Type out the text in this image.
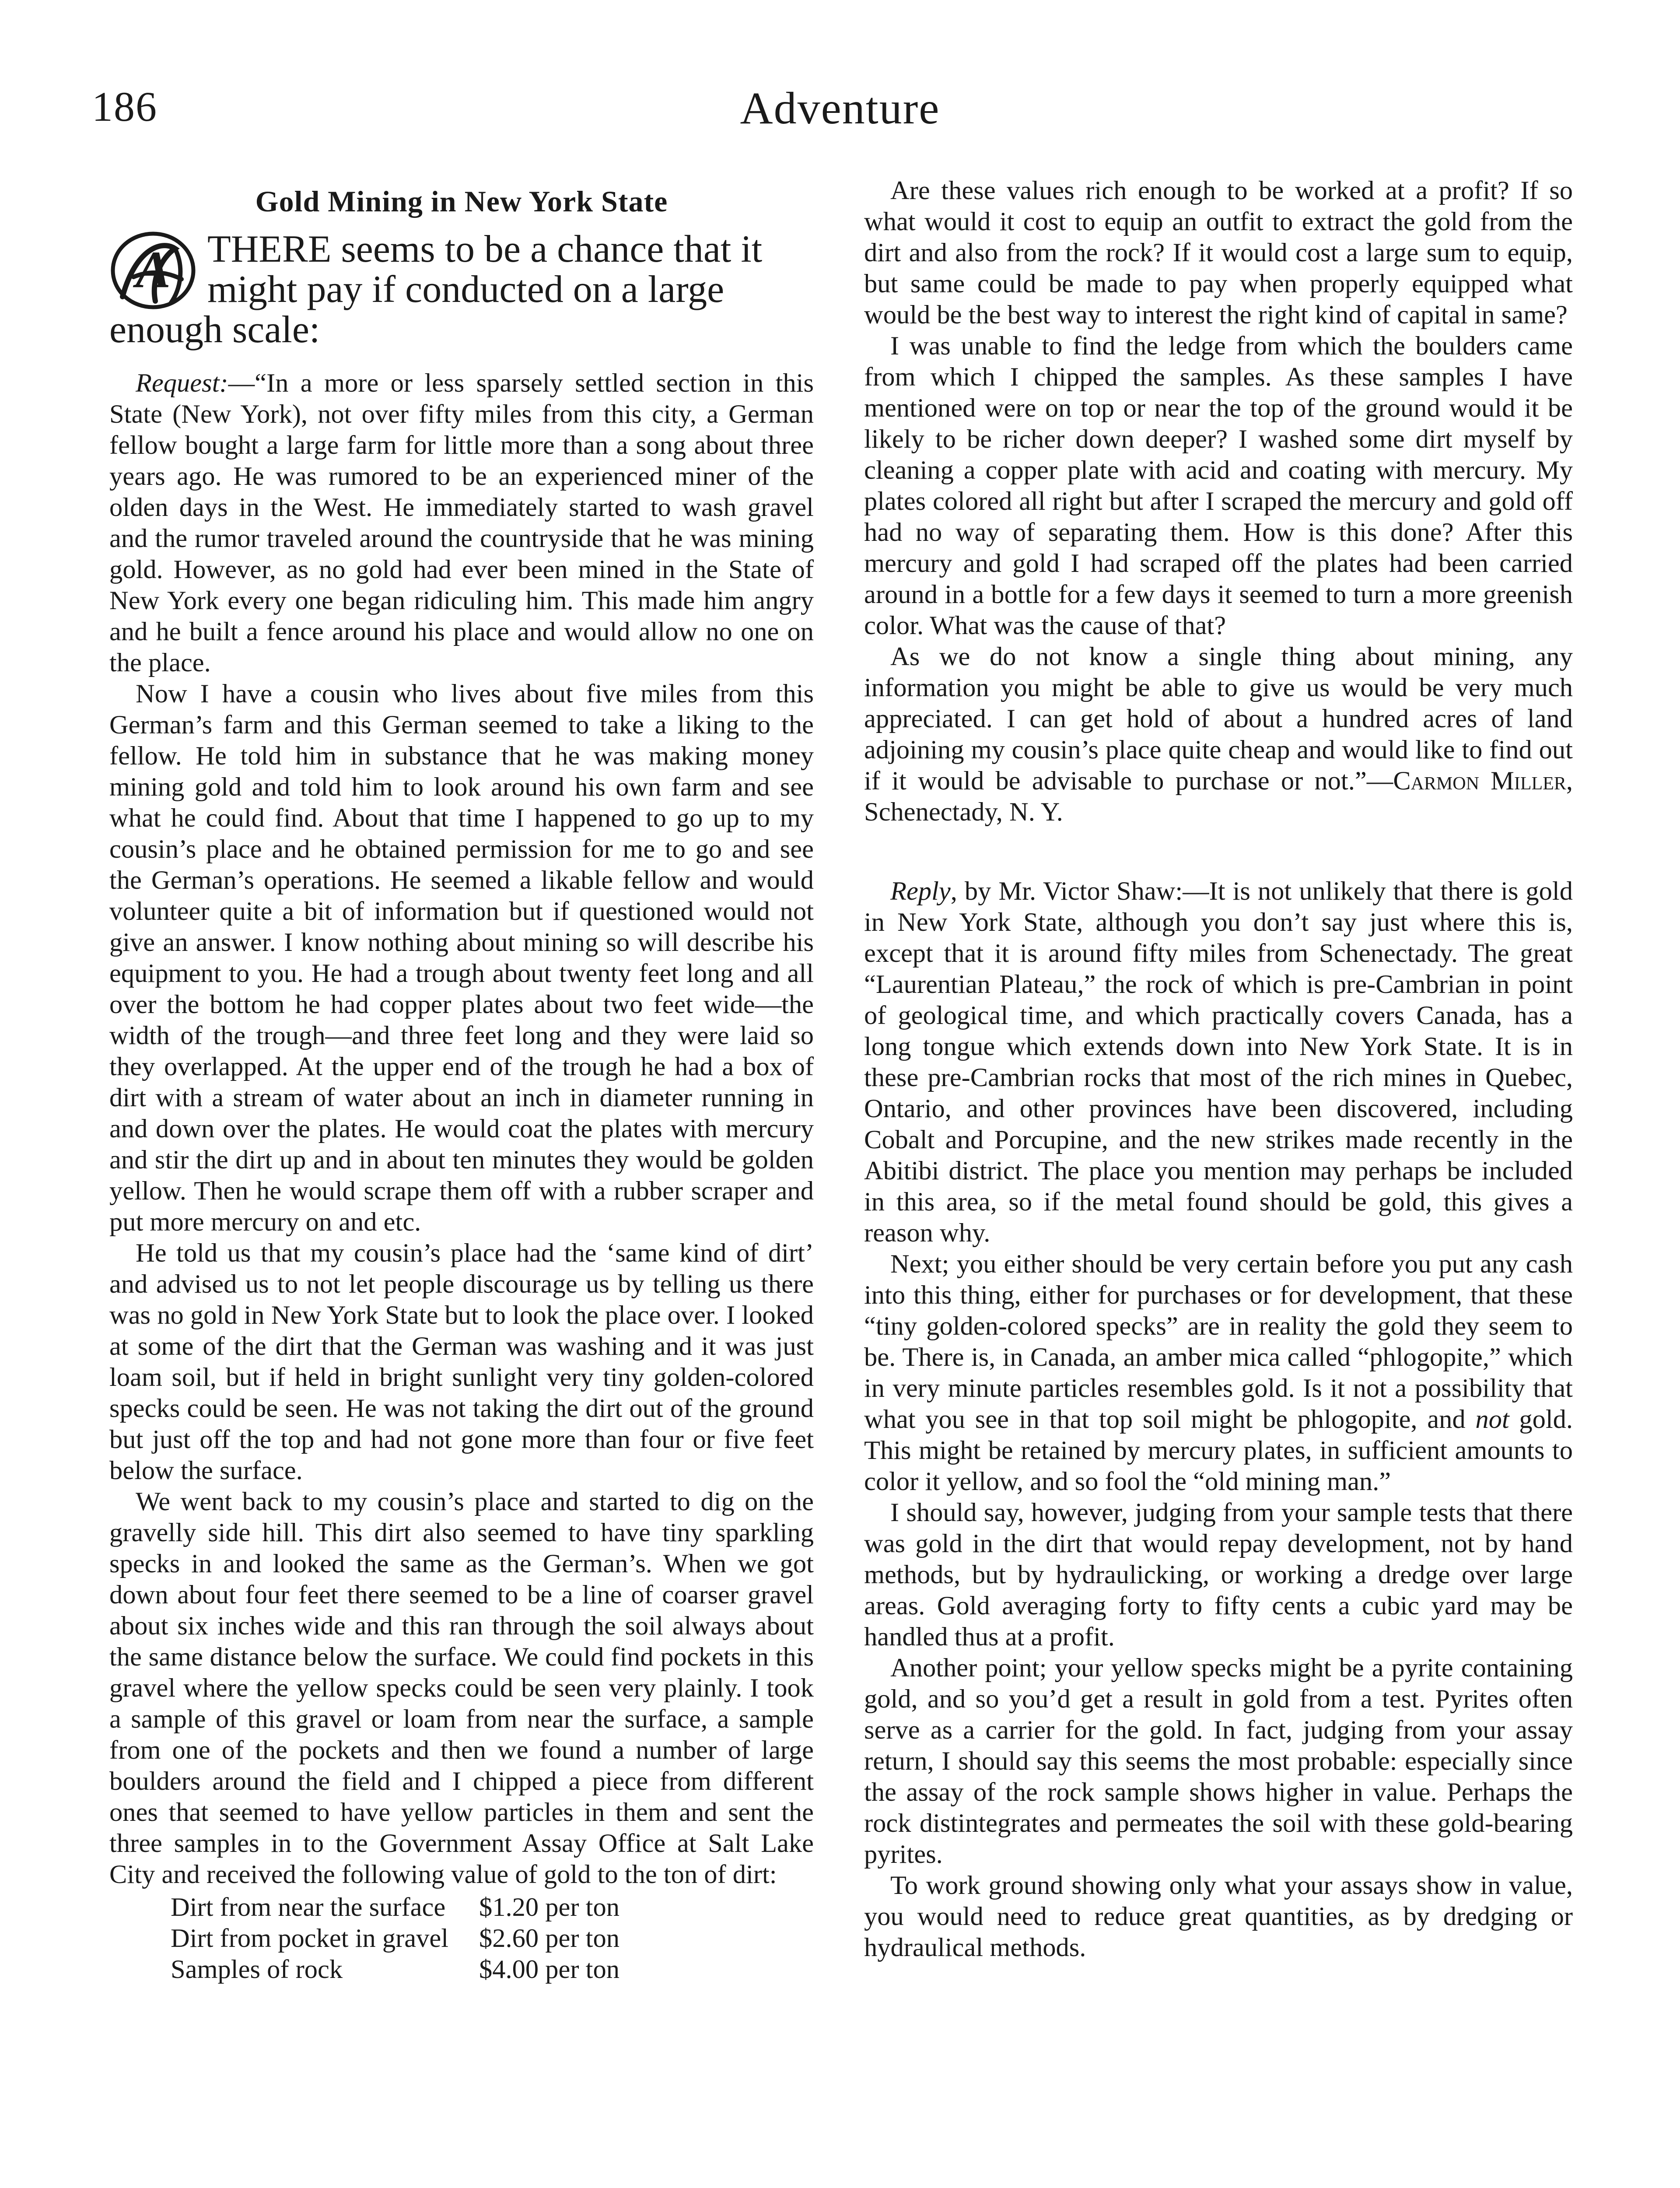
186	Adventure
Gold Mining in New York State
A THERE seems to be a chance that it might pay if conducted on a large enough scale:

Request:—“In a more or less sparsely settled section in this State (New York), not over fifty miles from this city, a German fellow bought a large farm for little more than a song about three years ago. He was rumored to be an experienced miner of the olden days in the West. He immediately started to wash gravel and the rumor traveled around the countryside that he was mining gold. However, as no gold had ever been mined in the State of New York every one began ridiculing him. This made him angry and he built a fence around his place and would allow no one on the place.

Now I have a cousin who lives about five miles from this German’s farm and this German seemed to take a liking to the fellow. He told him in substance that he was making money mining gold and told him to look around his own farm and see what he could find. About that time I happened to go up to my cousin’s place and he obtained permission for me to go and see the German’s operations. He seemed a likable fellow and would volunteer quite a bit of information but if questioned would not give an answer. I know nothing about mining so will describe his equipment to you. He had a trough about twenty feet long and all over the bottom he had copper plates about two feet wide—the width of the trough—and three feet long and they were laid so they overlapped. At the upper end of the trough he had a box of dirt with a stream of water about an inch in diameter running in and down over the plates. He would coat the plates with mercury and stir the dirt up and in about ten minutes they would be golden yellow. Then he would scrape them off with a rubber scraper and put more mercury on and etc.

He told us that my cousin’s place had the ‘same kind of dirt’ and advised us to not let people discourage us by telling us there was no gold in New York State but to look the place over. I looked at some of the dirt that the German was washing and it was just loam soil, but if held in bright sunlight very tiny golden-colored specks could be seen. He was not taking the dirt out of the ground but just off the top and had not gone more than four or five feet below the surface.

We went back to my cousin’s place and started to dig on the gravelly side hill. This dirt also seemed to have tiny sparkling specks in and looked the same as the German’s. When we got down about four feet there seemed to be a line of coarser gravel about six inches wide and this ran through the soil always about the same distance below the surface. We could find pockets in this gravel where the yellow specks could be seen very plainly. I took a sample of this gravel or loam from near the surface, a sample from one of the pockets and then we found a number of large boulders around the field and I chipped a piece from different ones that seemed to have yellow particles in them and sent the three samples in to the Government Assay Office at Salt Lake City and received the following value of gold to the ton of dirt:

Dirt from near the surface	$1.20 per ton
Dirt from pocket in gravel	$2.60 per ton
Samples of rock	$4.00 per ton

Are these values rich enough to be worked at a profit? If so what would it cost to equip an outfit to extract the gold from the dirt and also from the rock? If it would cost a large sum to equip, but same could be made to pay when properly equipped what would be the best way to interest the right kind of capital in same?

I was unable to find the ledge from which the boulders came from which I chipped the samples. As these samples I have mentioned were on top or near the top of the ground would it be likely to be richer down deeper? I washed some dirt myself by cleaning a copper plate with acid and coating with mercury. My plates colored all right but after I scraped the mercury and gold off had no way of separating them. How is this done? After this mercury and gold I had scraped off the plates had been carried around in a bottle for a few days it seemed to turn a more greenish color. What was the cause of that?

As we do not know a single thing about mining, any information you might be able to give us would be very much appreciated. I can get hold of about a hundred acres of land adjoining my cousin’s place quite cheap and would like to find out if it would be advisable to purchase or not.”—Carmon Miller, Schenectady, N. Y.

Reply, by Mr. Victor Shaw:—It is not unlikely that there is gold in New York State, although you don’t say just where this is, except that it is around fifty miles from Schenectady. The great “Laurentian Plateau,” the rock of which is pre-Cambrian in point of geological time, and which practically covers Canada, has a long tongue which extends down into New York State. It is in these pre-Cambrian rocks that most of the rich mines in Quebec, Ontario, and other provinces have been discovered, including Cobalt and Porcupine, and the new strikes made recently in the Abitibi district. The place you mention may perhaps be included in this area, so if the metal found should be gold, this gives a reason why.

Next; you either should be very certain before you put any cash into this thing, either for purchases or for development, that these “tiny golden-colored specks” are in reality the gold they seem to be. There is, in Canada, an amber mica called “phlogopite,” which in very minute particles resembles gold. Is it not a possibility that what you see in that top soil might be phlogopite, and not gold. This might be retained by mercury plates, in sufficient amounts to color it yellow, and so fool the “old mining man.”

I should say, however, judging from your sample tests that there was gold in the dirt that would repay development, not by hand methods, but by hydraulicking, or working a dredge over large areas. Gold averaging forty to fifty cents a cubic yard may be handled thus at a profit.

Another point; your yellow specks might be a pyrite containing gold, and so you’d get a result in gold from a test. Pyrites often serve as a carrier for the gold. In fact, judging from your assay return, I should say this seems the most probable: especially since the assay of the rock sample shows higher in value. Perhaps the rock distintegrates and permeates the soil with these gold-bearing pyrites.

To work ground showing only what your assays show in value, you would need to reduce great quantities, as by dredging or hydraulical methods.
